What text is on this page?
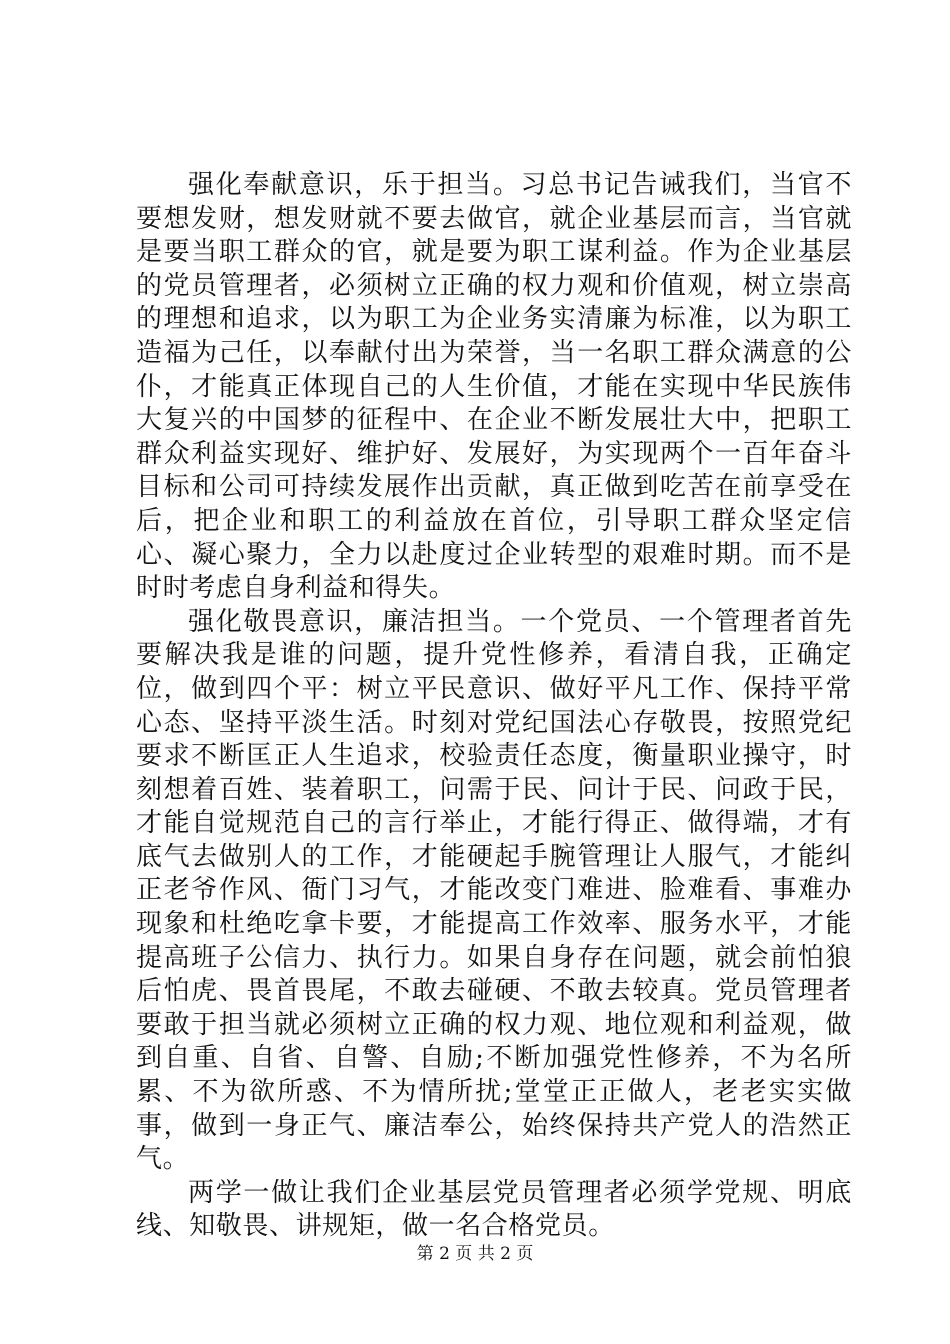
强化奉献意识，乐于担当。习总书记告诫我们，当官不要想发财，想发财就不要去做官，就企业基层而言，当官就是要当职工群众的官，就是要为职工谋利益。作为企业基层的党员管理者，必须树立正确的权力观和价值观，树立崇高的理想和追求，以为职工为企业务实清廉为标准，以为职工造福为己任，以奉献付出为荣誉，当一名职工群众满意的公仆，才能真正体现自己的人生价值，才能在实现中华民族伟大复兴的中国梦的征程中、在企业不断发展壮大中，把职工群众利益实现好、维护好、发展好，为实现两个一百年奋斗目标和公司可持续发展作出贡献，真正做到吃苦在前享受在后，把企业和职工的利益放在首位，引导职工群众坚定信心、凝心聚力，全力以赴度过企业转型的艰难时期。而不是时时考虑自身利益和得失。

强化敬畏意识，廉洁担当。一个党员、一个管理者首先要解决我是谁的问题，提升党性修养，看清自我，正确定位，做到四个平：树立平民意识、做好平凡工作、保持平常心态、坚持平淡生活。时刻对党纪国法心存敬畏，按照党纪要求不断匡正人生追求，校验责任态度，衡量职业操守，时刻想着百姓、装着职工，问需于民、问计于民、问政于民，才能自觉规范自己的言行举止，才能行得正、做得端，才有底气去做别人的工作，才能硬起手腕管理让人服气，才能纠正老爷作风、衙门习气，才能改变门难进、脸难看、事难办现象和杜绝吃拿卡要，才能提高工作效率、服务水平，才能提高班子公信力、执行力。如果自身存在问题，就会前怕狼后怕虎、畏首畏尾，不敢去碰硬、不敢去较真。党员管理者要敢于担当就必须树立正确的权力观、地位观和利益观，做到自重、自省、自警、自励;不断加强党性修养，不为名所累、不为欲所惑、不为情所扰;堂堂正正做人，老老实实做事，做到一身正气、廉洁奉公，始终保持共产党人的浩然正气。

两学一做让我们企业基层党员管理者必须学党规、明底线、知敬畏、讲规矩，做一名合格党员。

第 2 页 共 2 页
